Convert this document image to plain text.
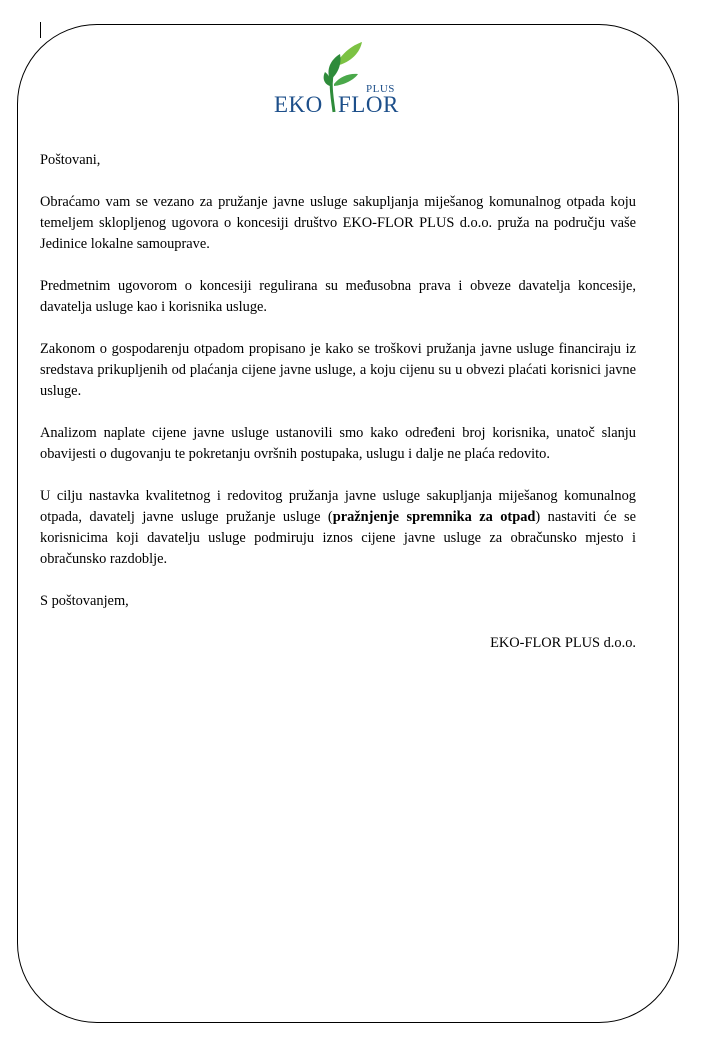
EKO
PLUS
FLOR

Poštovani,

Obraćamo vam se vezano za pružanje javne usluge sakupljanja miješanog komunalnog otpada koju temeljem sklopljenog ugovora o koncesiji društvo EKO-FLOR PLUS d.o.o. pruža na području vaše Jedinice lokalne samouprave.

Predmetnim ugovorom o koncesiji regulirana su međusobna prava i obveze davatelja koncesije, davatelja usluge kao i korisnika usluge.

Zakonom o gospodarenju otpadom propisano je kako se troškovi pružanja javne usluge financiraju iz sredstava prikupljenih od plaćanja cijene javne usluge, a koju cijenu su u obvezi plaćati korisnici javne usluge.

Analizom naplate cijene javne usluge ustanovili smo kako određeni broj korisnika, unatoč slanju obavijesti o dugovanju te pokretanju ovršnih postupaka, uslugu i dalje ne plaća redovito.

U cilju nastavka kvalitetnog i redovitog pružanja javne usluge sakupljanja miješanog komunalnog otpada, davatelj javne usluge pružanje usluge (pražnjenje spremnika za otpad) nastaviti će se korisnicima koji davatelju usluge podmiruju iznos cijene javne usluge za obračunsko mjesto i obračunsko razdoblje.

S poštovanjem,

EKO-FLOR PLUS d.o.o.
